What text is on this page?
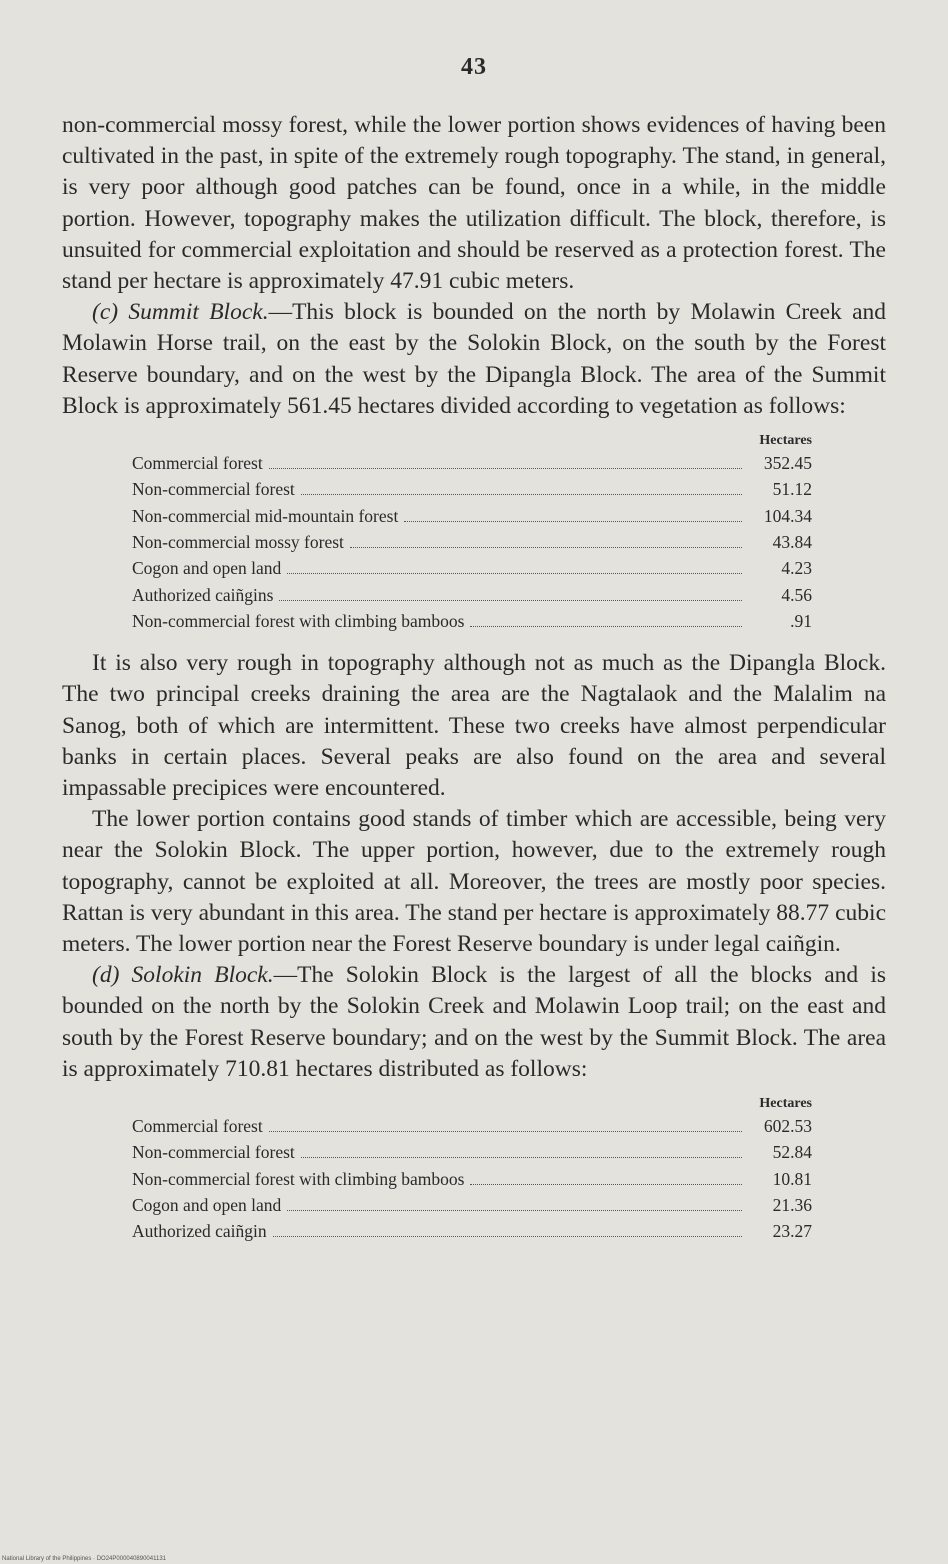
43

non-commercial mossy forest, while the lower portion shows evidences of having been cultivated in the past, in spite of the extremely rough topography. The stand, in general, is very poor although good patches can be found, once in a while, in the middle portion. However, topography makes the utilization difficult. The block, therefore, is unsuited for commercial exploitation and should be reserved as a protection forest. The stand per hectare is approximately 47.91 cubic meters.

(c) Summit Block.—This block is bounded on the north by Molawin Creek and Molawin Horse trail, on the east by the Solokin Block, on the south by the Forest Reserve boundary, and on the west by the Dipangla Block. The area of the Summit Block is approximately 561.45 hectares divided according to vegetation as follows:

Hectares
Commercial forest	352.45
Non-commercial forest	51.12
Non-commercial mid-mountain forest	104.34
Non-commercial mossy forest	43.84
Cogon and open land	4.23
Authorized caiñgins	4.56
Non-commercial forest with climbing bamboos	.91

It is also very rough in topography although not as much as the Dipangla Block. The two principal creeks draining the area are the Nagtalaok and the Malalim na Sanog, both of which are intermittent. These two creeks have almost perpendicular banks in certain places. Several peaks are also found on the area and several impassable precipices were encountered.

The lower portion contains good stands of timber which are accessible, being very near the Solokin Block. The upper portion, however, due to the extremely rough topography, cannot be exploited at all. Moreover, the trees are mostly poor species. Rattan is very abundant in this area. The stand per hectare is approximately 88.77 cubic meters. The lower portion near the Forest Reserve boundary is under legal caiñgin.

(d) Solokin Block.—The Solokin Block is the largest of all the blocks and is bounded on the north by the Solokin Creek and Molawin Loop trail; on the east and south by the Forest Reserve boundary; and on the west by the Summit Block. The area is approximately 710.81 hectares distributed as follows:

Hectares
Commercial forest	602.53
Non-commercial forest	52.84
Non-commercial forest with climbing bamboos	10.81
Cogon and open land	21.36
Authorized caiñgin	23.27
National Library of the Philippines · DO24P000040890041131
